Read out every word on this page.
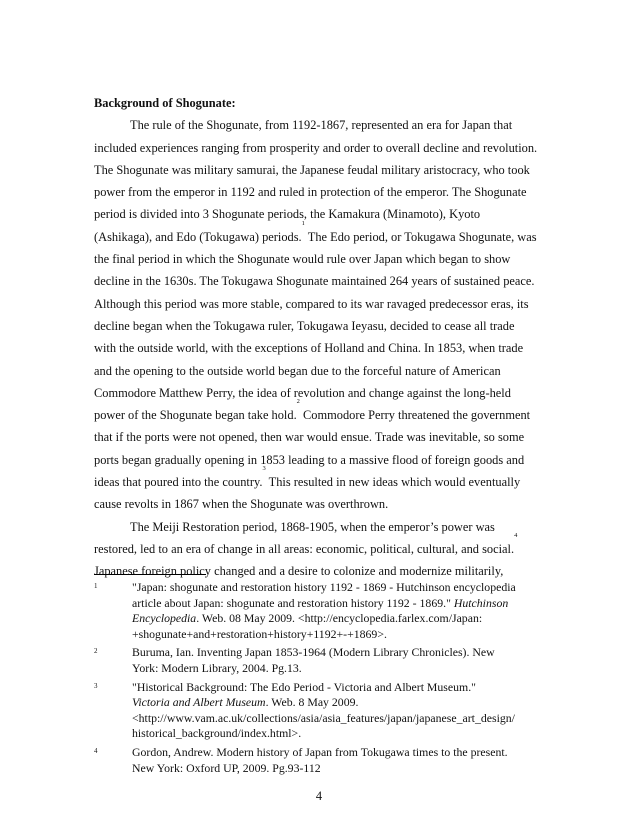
Background of Shogunate:
The rule of the Shogunate, from 1192-1867, represented an era for Japan that
included experiences ranging from prosperity and order to overall decline and revolution.
The Shogunate was military samurai, the Japanese feudal military aristocracy, who took
power from the emperor in 1192 and ruled in protection of the emperor. The Shogunate
period is divided into 3 Shogunate periods, the Kamakura (Minamoto), Kyoto
(Ashikaga), and Edo (Tokugawa) periods.$^1$ The Edo period, or Tokugawa Shogunate, was
the final period in which the Shogunate would rule over Japan which began to show
decline in the 1630s. The Tokugawa Shogunate maintained 264 years of sustained peace.
Although this period was more stable, compared to its war ravaged predecessor eras, its
decline began when the Tokugawa ruler, Tokugawa Ieyasu, decided to cease all trade
with the outside world, with the exceptions of Holland and China. In 1853, when trade
and the opening to the outside world began due to the forceful nature of American
Commodore Matthew Perry, the idea of revolution and change against the long-held
power of the Shogunate began take hold.$^2$ Commodore Perry threatened the government
that if the ports were not opened, then war would ensue. Trade was inevitable, so some
ports began gradually opening in 1853 leading to a massive flood of foreign goods and
ideas that poured into the country.$^3$ This resulted in new ideas which would eventually
cause revolts in 1867 when the Shogunate was overthrown.
The Meiji Restoration period, 1868-1905, when the emperor’s power was
restored, led to an era of change in all areas: economic, political, cultural, and social.$^4$
Japanese foreign policy changed and a desire to colonize and modernize militarily,
1	"Japan: shogunate and restoration history 1192 - 1869 - Hutchinson encyclopedia
article about Japan: shogunate and restoration history 1192 - 1869." Hutchinson
Encyclopedia. Web. 08 May 2009. <http://encyclopedia.farlex.com/Japan:
+shogunate+and+restoration+history+1192+-+1869>.
2	Buruma, Ian. Inventing Japan 1853-1964 (Modern Library Chronicles). New
York: Modern Library, 2004. Pg.13.
3	"Historical Background: The Edo Period - Victoria and Albert Museum."
Victoria and Albert Museum. Web. 8 May 2009.
<http://www.vam.ac.uk/collections/asia/asia_features/japan/japanese_art_design/
historical_background/index.html>.
4	Gordon, Andrew. Modern history of Japan from Tokugawa times to the present.
New York: Oxford UP, 2009. Pg.93-112
4
